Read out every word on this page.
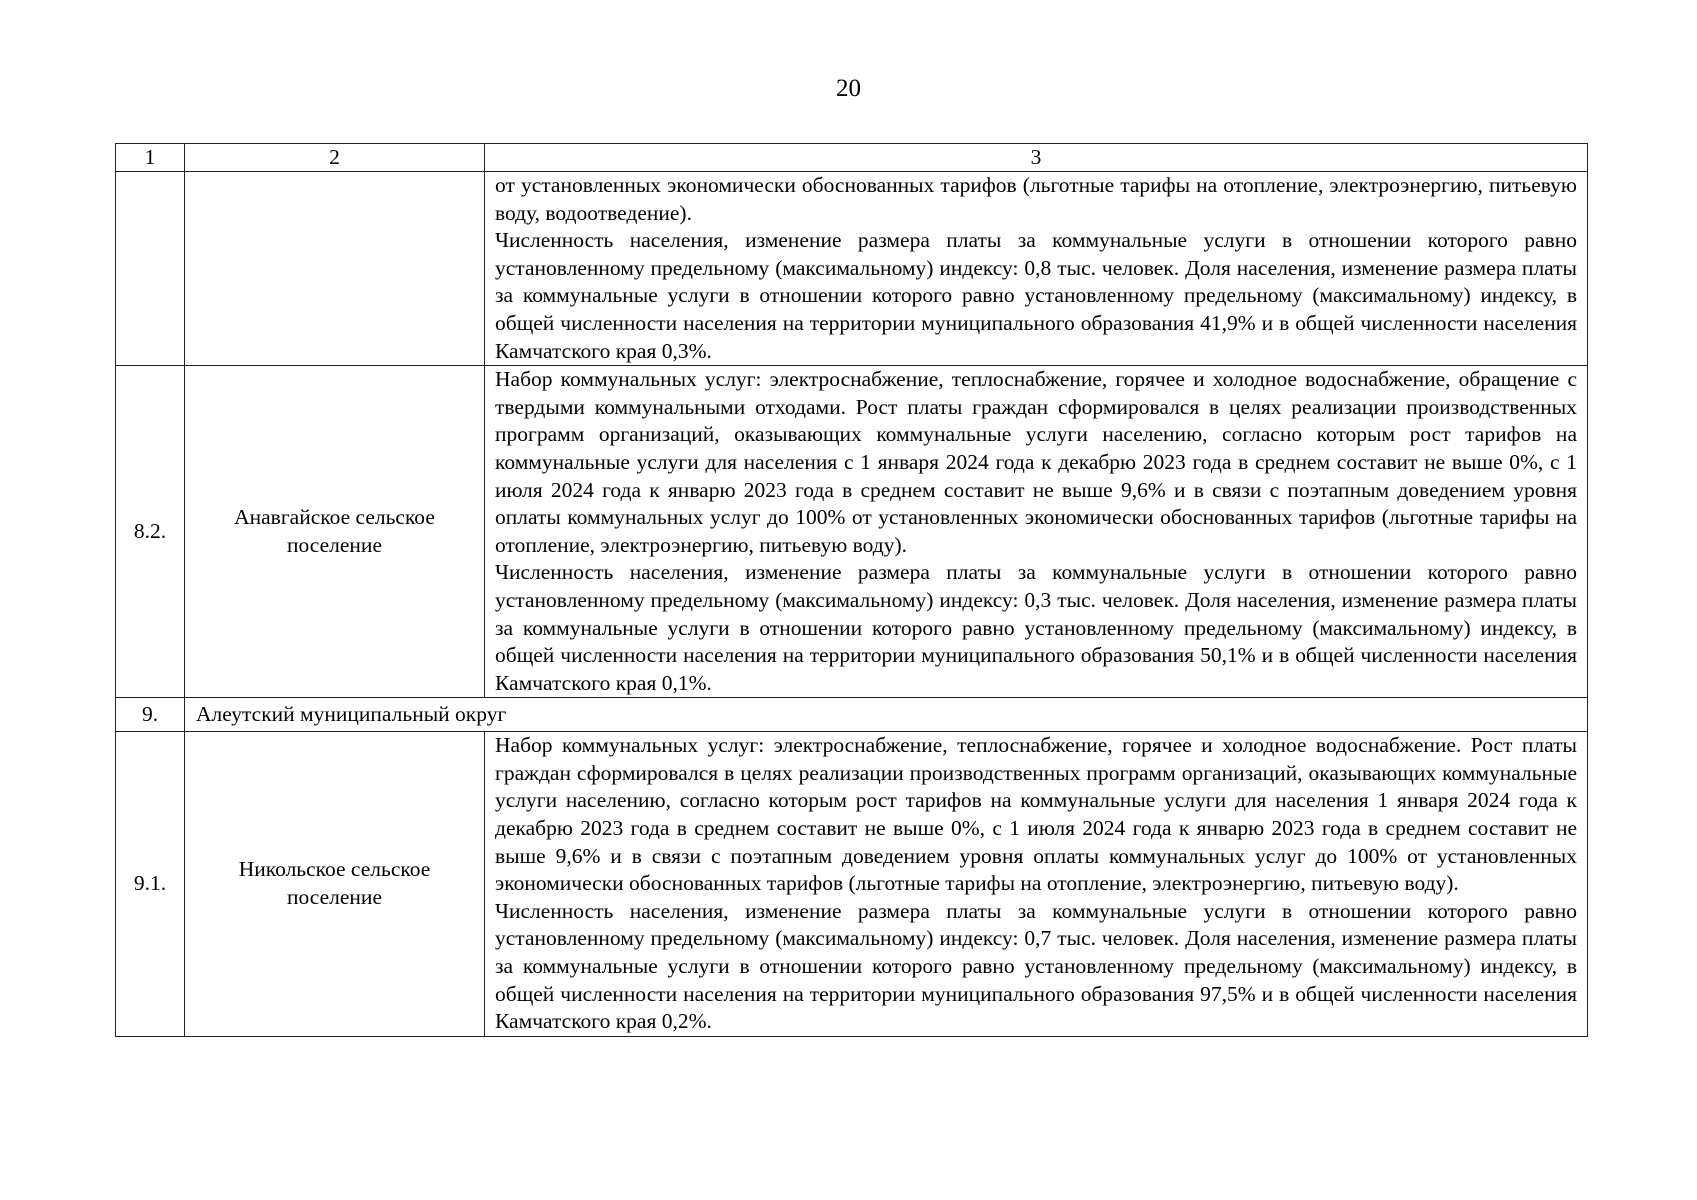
20
1	2	3

		от установленных экономически обоснованных тарифов (льготные тарифы на отопление, электроэнергию, питьевую воду, водоотведение).

Численность населения, изменение размера платы за коммунальные услуги в отношении которого равно установленному предельному (максимальному) индексу: 0,8 тыс. человек. Доля населения, изменение размера платы за коммунальные услуги в отношении которого равно установленному предельному (максимальному) индексу, в общей численности населения на территории муниципального образования 41,9% и в общей численности населения Камчатского края 0,3%.

8.2.	Анавгайское сельское поселение	Набор коммунальных услуг: электроснабжение, теплоснабжение, горячее и холодное водоснабжение, обращение с твердыми коммунальными отходами. Рост платы граждан сформировался в целях реализации производственных программ организаций, оказывающих коммунальные услуги населению, согласно которым рост тарифов на коммунальные услуги для населения с 1 января 2024 года к декабрю 2023 года в среднем составит не выше 0%, с 1 июля 2024 года к январю 2023 года в среднем составит не выше 9,6% и в связи с поэтапным доведением уровня оплаты коммунальных услуг до 100% от установленных экономически обоснованных тарифов (льготные тарифы на отопление, электроэнергию, питьевую воду).

Численность населения, изменение размера платы за коммунальные услуги в отношении которого равно установленному предельному (максимальному) индексу: 0,3 тыс. человек. Доля населения, изменение размера платы за коммунальные услуги в отношении которого равно установленному предельному (максимальному) индексу, в общей численности населения на территории муниципального образования 50,1% и в общей численности населения Камчатского края 0,1%.

9.	Алеутский муниципальный округ	
9.1.	Никольское сельское поселение	Набор коммунальных услуг: электроснабжение, теплоснабжение, горячее и холодное водоснабжение. Рост платы граждан сформировался в целях реализации производственных программ организаций, оказывающих коммунальные услуги населению, согласно которым рост тарифов на коммунальные услуги для населения 1 января 2024 года к декабрю 2023 года в среднем составит не выше 0%, с 1 июля 2024 года к январю 2023 года в среднем составит не выше 9,6% и в связи с поэтапным доведением уровня оплаты коммунальных услуг до 100% от установленных экономически обоснованных тарифов (льготные тарифы на отопление, электроэнергию, питьевую воду).

Численность населения, изменение размера платы за коммунальные услуги в отношении которого равно установленному предельному (максимальному) индексу: 0,7 тыс. человек. Доля населения, изменение размера платы за коммунальные услуги в отношении которого равно установленному предельному (максимальному) индексу, в общей численности населения на территории муниципального образования 97,5% и в общей численности населения Камчатского края 0,2%.
